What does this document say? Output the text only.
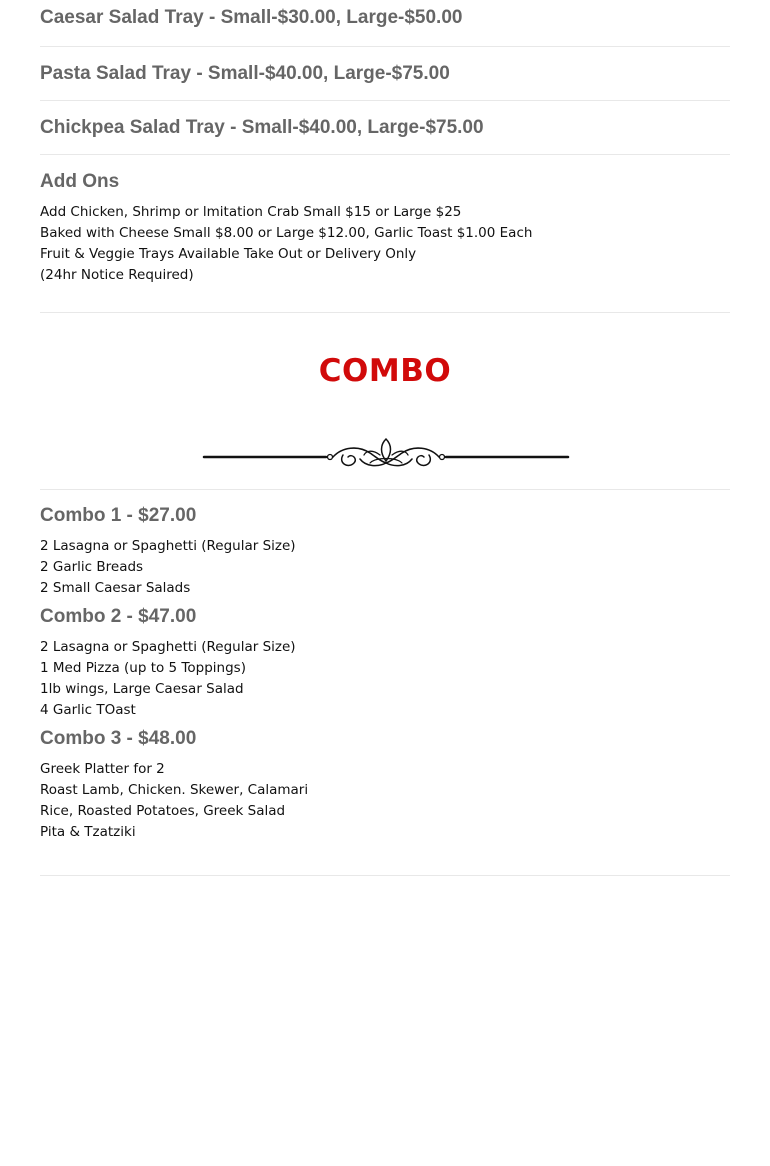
Caesar Salad Tray - Small-$30.00, Large-$50.00
Pasta Salad Tray - Small-$40.00, Large-$75.00
Chickpea Salad Tray - Small-$40.00, Large-$75.00
Add Ons
Add Chicken, Shrimp or lmitation Crab Small $15 or Large $25
Baked with Cheese Small $8.00 or Large $12.00, Garlic Toast $1.00 Each
Fruit & Veggie Trays Available Take Out or Delivery Only
(24hr Notice Required)
COMBO
Combo 1 - $27.00
2 Lasagna or Spaghetti (Regular Size)
2 Garlic Breads
2 Small Caesar Salads
Combo 2 - $47.00
2 Lasagna or Spaghetti (Regular Size)
1 Med Pizza (up to 5 Toppings)
1lb wings, Large Caesar Salad
4 Garlic TOast
Combo 3 - $48.00
Greek Platter for 2
Roast Lamb, Chicken. Skewer, Calamari
Rice, Roasted Potatoes, Greek Salad
Pita & Tzatziki
